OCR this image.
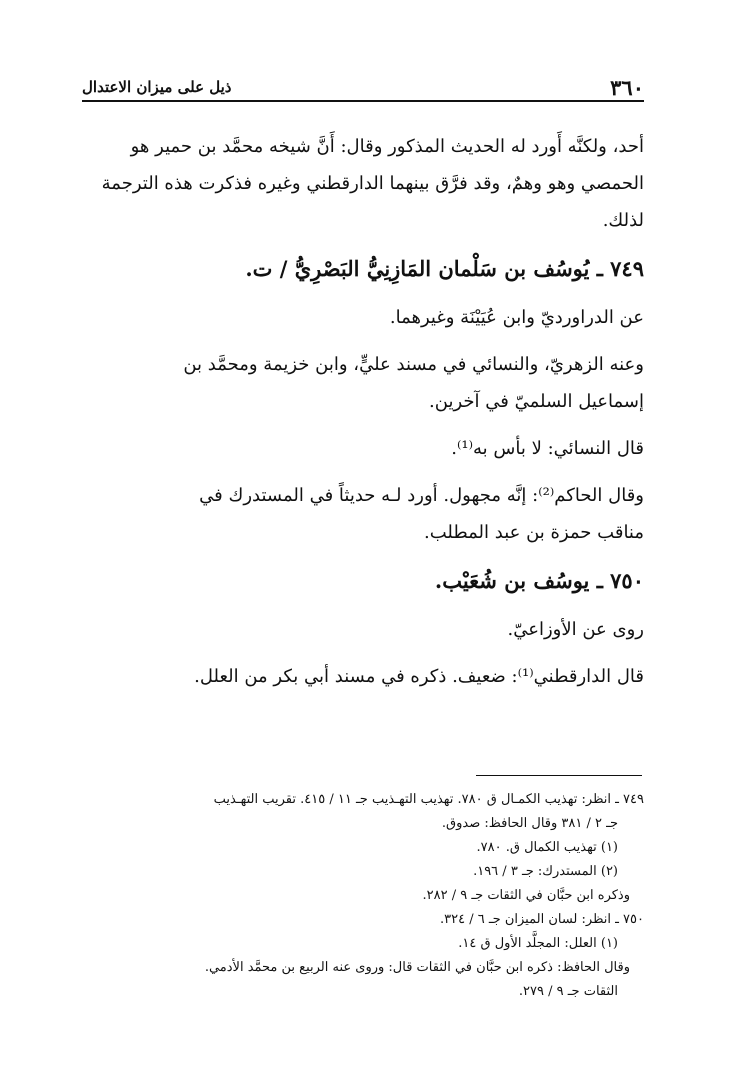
٣٦٠
ذيل على ميزان الاعتدال

أحد، ولكنَّه أَورد له الحديث المذكور وقال: أَنَّ شيخه محمَّد بن حمير هو
الحمصي وهو وهمٌ، وقد فرَّق بينهما الدارقطني وغيره فذكرت هذه الترجمة
لذلك.

٧٤٩ ـ يُوسُف بن سَلْمان المَازِنِيُّ البَصْرِيُّ / ت.

عن الدراورديّ وابن عُيَيْنَة وغيرهما.

وعنه الزهريّ، والنسائي في مسند عليٍّ، وابن خزيمة ومحمَّد بن
إسماعيل السلميّ في آخرين.

قال النسائي: لا بأس به⁽¹⁾.

وقال الحاكم⁽²⁾: إنَّه مجهول. أورد لـه حديثاً في المستدرك في
مناقب حمزة بن عبد المطلب.

٧٥٠ ـ يوسُف بن شُعَيْب.

روى عن الأوزاعيّ.

قال الدارقطني⁽¹⁾: ضعيف. ذكره في مسند أبي بكر من العلل.

٧٤٩ ـ انظر: تهذيب الكمـال ق ٧٨٠. تهذيب التهـذيب جـ ١١ / ٤١٥. تقريب التهـذيب

جـ ٢ / ٣٨١ وقال الحافظ: صدوق.

(١) تهذيب الكمال ق. ٧٨٠.

(٢) المستدرك: جـ ٣ / ١٩٦.

وذكره ابن حبَّان في الثقات جـ ٩ / ٢٨٢.

٧٥٠ ـ انظر: لسان الميزان جـ ٦ / ٣٢٤.

(١) العلل: المجلَّد الأول ق ١٤.

وقال الحافظ: ذكره ابن حبَّان في الثقات قال: وروى عنه الربيع بن محمَّد الأدمي.

الثقات جـ ٩ / ٢٧٩.
